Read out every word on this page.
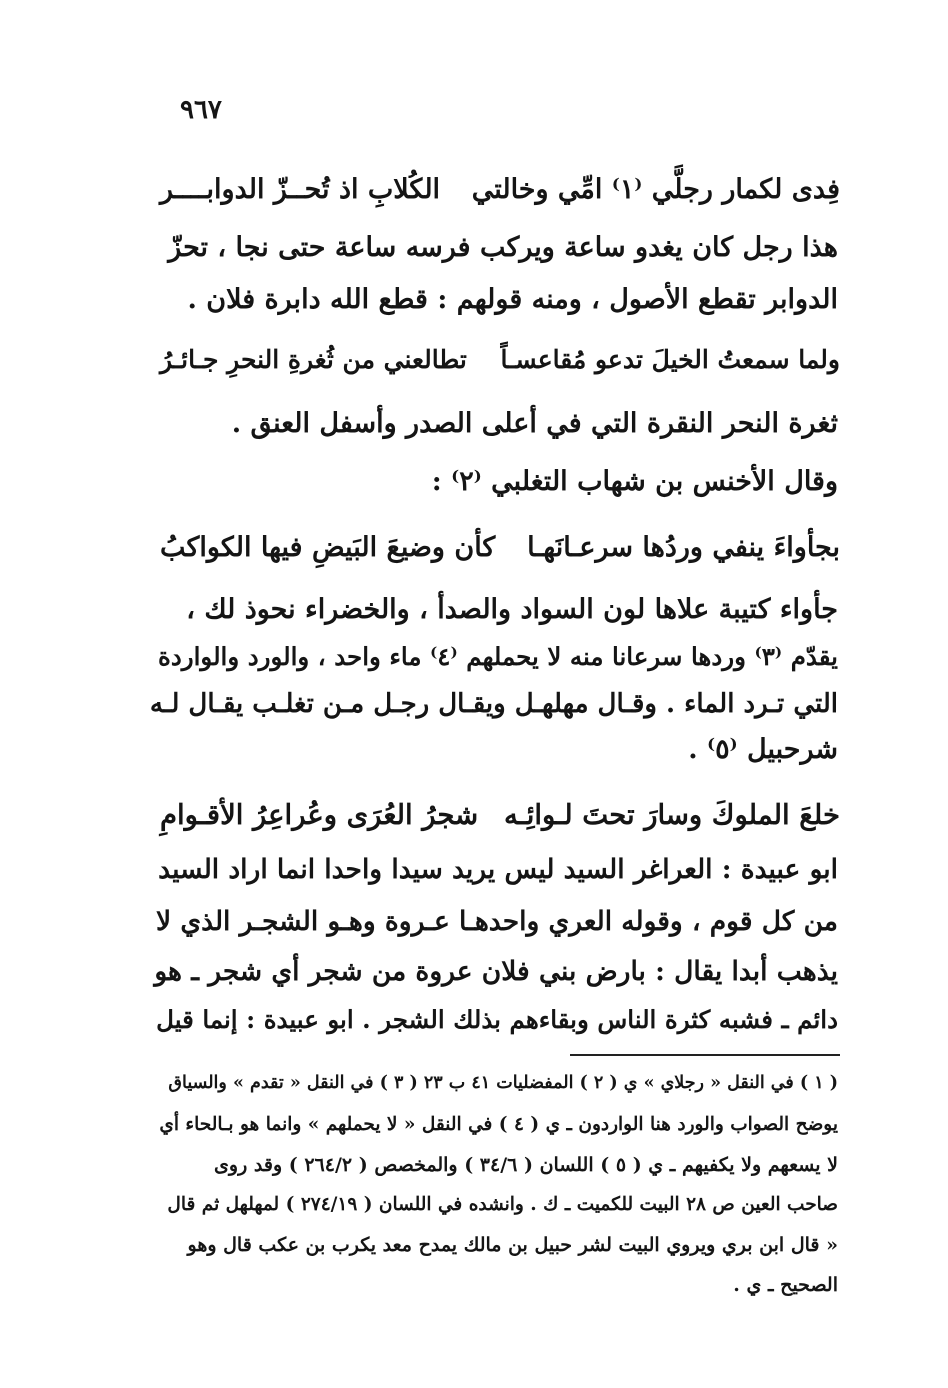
٩٦٧
فِدى لكمار رجلَّي ⁽١⁾ امِّي وخالتي
الكُلابِ اذ تُحــزّ الدوابــــر
هذا رجل كان يغدو ساعة ويركب فرسه ساعة حتى نجا ، تحزّ
الدوابر تقطع الأصول ، ومنه قولهم : قطع الله دابرة فلان .
ولما سمعتُ الخيلَ تدعو مُقاعسـاً
تطالعني من ثُغرةِ النحرِ جـائـرُ
ثغرة النحر النقرة التي في أعلى الصدر وأسفل العنق .
وقال الأخنس بن شهاب التغلبي ⁽٢⁾ :
بجأواءَ ينفي وردُها سرعـانَهـا
كأن وضيعَ البَيضِ فيها الكواكبُ
جأواء كتيبة علاها لون السواد والصدأ ، والخضراء نحوذ لك ،
يقدّم ⁽٣⁾ وردها سرعانا منه لا يحملهم ⁽٤⁾ ماء واحد ، والورد والواردة
التي تـرد الماء . وقـال مهلهـل ويقـال رجـل مـن تغلـب يقـال لـه
شرحبيل ⁽٥⁾ .
خلعَ الملوكَ وسارَ تحتَ لـوائِـه
شجرُ العُرَى وعُراعِرُ الأقـوامِ
ابو عبيدة : العراغر السيد ليس يريد سيدا واحدا انما اراد السيد
من كل قوم ، وقوله العري واحدهـا عـروة وهـو الشجـر الذي لا
يذهب أبدا يقال : بارض بني فلان عروة من شجر أي شجر ـ هو
دائم ـ فشبه كثرة الناس وبقاءهم بذلك الشجر . ابو عبيدة : إنما قيل
( ١ ) في النقل « رجلاي » ي ( ٢ ) المفضليات ٤١ ب ٢٣ ( ٣ ) في النقل « تقدم » والسياق
يوضح الصواب والورد هنا الواردون ـ ي ( ٤ ) في النقل « لا يحملهم » وانما هو بـالحاء أي
لا يسعهم ولا يكفيهم ـ ي ( ٥ ) اللسان ( ٣٤/٦ ) والمخصص ( ٢٦٤/٢ ) وقد روى
صاحب العين ص ٢٨ البيت للكميت ـ ك . وانشده في اللسان ( ٢٧٤/١٩ ) لمهلهل ثم قال
« قال ابن بري ويروي البيت لشر حبيل بن مالك يمدح معد يكرب بن عكب قال وهو
الصحيح ـ ي .
